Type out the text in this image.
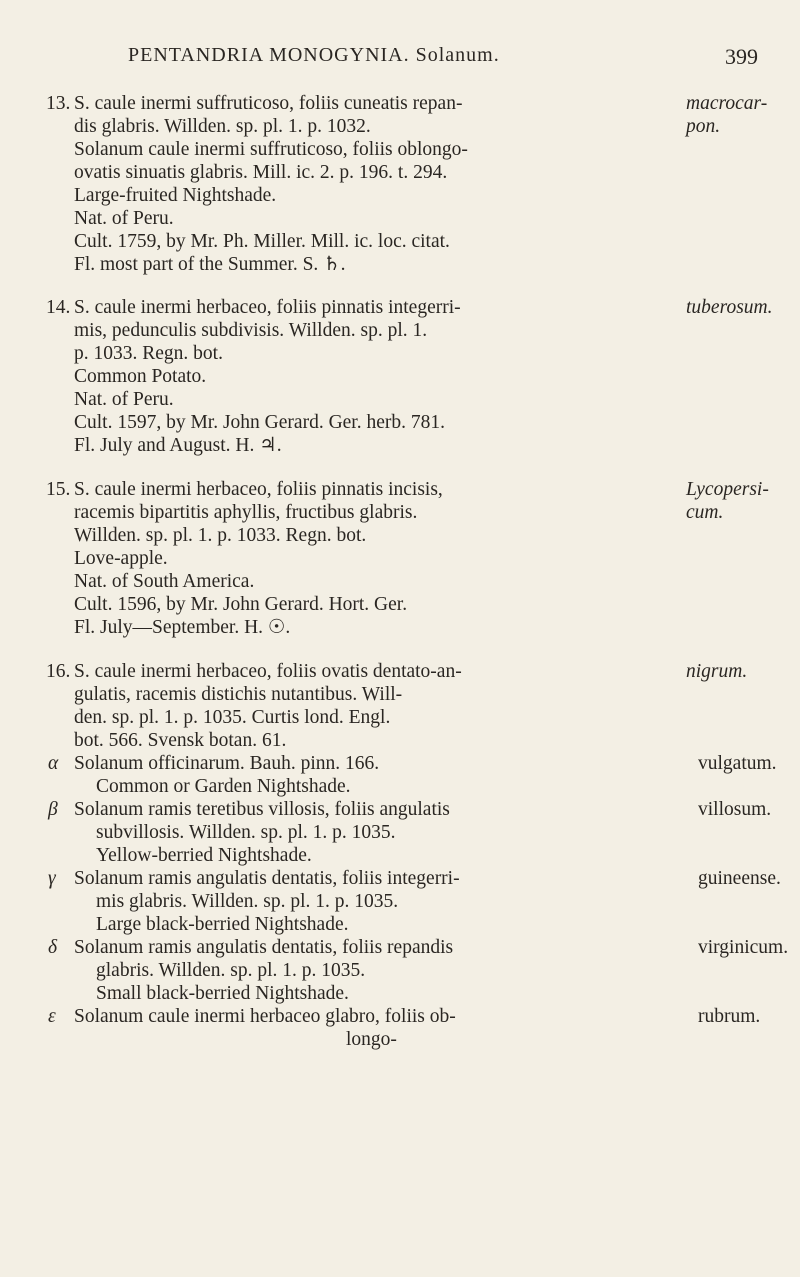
PENTANDRIA MONOGYNIA. Solanum.	399
13. S. caule inermi suffruticoso, foliis cuneatis repan-	macrocar-
dis glabris. Willden. sp. pl. 1. p. 1032.	pon.
Solanum caule inermi suffruticoso, foliis oblongo-
ovatis sinuatis glabris. Mill. ic. 2. p. 196. t. 294.
Large-fruited Nightshade.
Nat. of Peru.
Cult. 1759, by Mr. Ph. Miller. Mill. ic. loc. citat.
Fl. most part of the Summer. S. ♄.
14. S. caule inermi herbaceo, foliis pinnatis integerri-	tuberosum.
mis, pedunculis subdivisis. Willden. sp. pl. 1.
p. 1033. Regn. bot.
Common Potato.
Nat. of Peru.
Cult. 1597, by Mr. John Gerard. Ger. herb. 781.
Fl. July and August. H. ♃.
15. S. caule inermi herbaceo, foliis pinnatis incisis,	Lycopersi-
racemis bipartitis aphyllis, fructibus glabris.	cum.
Willden. sp. pl. 1. p. 1033. Regn. bot.
Love-apple.
Nat. of South America.
Cult. 1596, by Mr. John Gerard. Hort. Ger.
Fl. July—September. H. ☉.
16. S. caule inermi herbaceo, foliis ovatis dentato-an-	nigrum.
gulatis, racemis distichis nutantibus. Will-
den. sp. pl. 1. p. 1035. Curtis lond. Engl.
bot. 566. Svensk botan. 61.
α Solanum officinarum. Bauh. pinn. 166.	vulgatum.
Common or Garden Nightshade.
β Solanum ramis teretibus villosis, foliis angulatis	villosum.
subvillosis. Willden. sp. pl. 1. p. 1035.
Yellow-berried Nightshade.
γ Solanum ramis angulatis dentatis, foliis integerri-	guineense.
mis glabris. Willden. sp. pl. 1. p. 1035.
Large black-berried Nightshade.
δ Solanum ramis angulatis dentatis, foliis repandis	virginicum.
glabris. Willden. sp. pl. 1. p. 1035.
Small black-berried Nightshade.
ε Solanum caule inermi herbaceo glabro, foliis ob-	rubrum.
longo-
